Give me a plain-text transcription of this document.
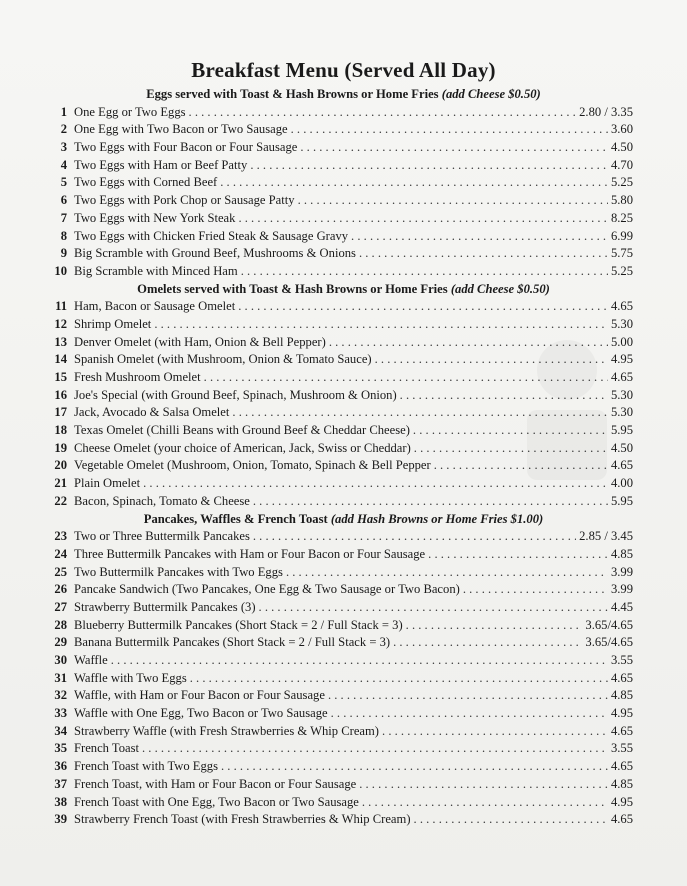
Breakfast Menu (Served All Day)
Eggs served with Toast & Hash Browns or Home Fries (add Cheese $0.50)
1 One Egg or Two Eggs . . .	2.80 / 3.35
2 One Egg with Two Bacon or Two Sausage . . .	3.60
3 Two Eggs with Four Bacon or Four Sausage . . .	4.50
4 Two Eggs with Ham or Beef Patty . . .	4.70
5 Two Eggs with Corned Beef . . .	5.25
6 Two Eggs with Pork Chop or Sausage Patty . . .	5.80
7 Two Eggs with New York Steak . . .	8.25
8 Two Eggs with Chicken Fried Steak & Sausage Gravy . . .	6.99
9 Big Scramble with Ground Beef, Mushrooms & Onions . . .	5.75
10 Big Scramble with Minced Ham . . .	5.25
Omelets served with Toast & Hash Browns or Home Fries (add Cheese $0.50)
11 Ham, Bacon or Sausage Omelet . . .	4.65
12 Shrimp Omelet . . .	5.30
13 Denver Omelet (with Ham, Onion & Bell Pepper) . . .	5.00
14 Spanish Omelet (with Mushroom, Onion & Tomato Sauce) . . .	4.95
15 Fresh Mushroom Omelet . . .	4.65
16 Joe's Special (with Ground Beef, Spinach, Mushroom & Onion) . . .	5.30
17 Jack, Avocado & Salsa Omelet . . .	5.30
18 Texas Omelet (Chilli Beans with Ground Beef & Cheddar Cheese) . . .	5.95
19 Cheese Omelet (your choice of American, Jack, Swiss or Cheddar) . . .	4.50
20 Vegetable Omelet (Mushroom, Onion, Tomato, Spinach & Bell Pepper . . .	4.65
21 Plain Omelet . . .	4.00
22 Bacon, Spinach, Tomato & Cheese . . .	5.95
Pancakes, Waffles & French Toast (add Hash Browns or Home Fries $1.00)
23 Two or Three Buttermilk Pancakes . . .	2.85 / 3.45
24 Three Buttermilk Pancakes with Ham or Four Bacon or Four Sausage . . .	4.85
25 Two Buttermilk Pancakes with Two Eggs . . .	3.99
26 Pancake Sandwich (Two Pancakes, One Egg & Two Sausage or Two Bacon) . . .	3.99
27 Strawberry Buttermilk Pancakes (3) . . .	4.45
28 Blueberry Buttermilk Pancakes (Short Stack = 2 / Full Stack = 3) . . .	3.65/4.65
29 Banana Buttermilk Pancakes (Short Stack = 2 / Full Stack = 3) . . .	3.65/4.65
30 Waffle . . .	3.55
31 Waffle with Two Eggs . . .	4.65
32 Waffle, with Ham or Four Bacon or Four Sausage . . .	4.85
33 Waffle with One Egg, Two Bacon or Two Sausage . . .	4.95
34 Strawberry Waffle (with Fresh Strawberries & Whip Cream) . . .	4.65
35 French Toast . . .	3.55
36 French Toast with Two Eggs . . .	4.65
37 French Toast, with Ham or Four Bacon or Four Sausage . . .	4.85
38 French Toast with One Egg, Two Bacon or Two Sausage . . .	4.95
39 Strawberry French Toast (with Fresh Strawberries & Whip Cream) . . .	4.65
